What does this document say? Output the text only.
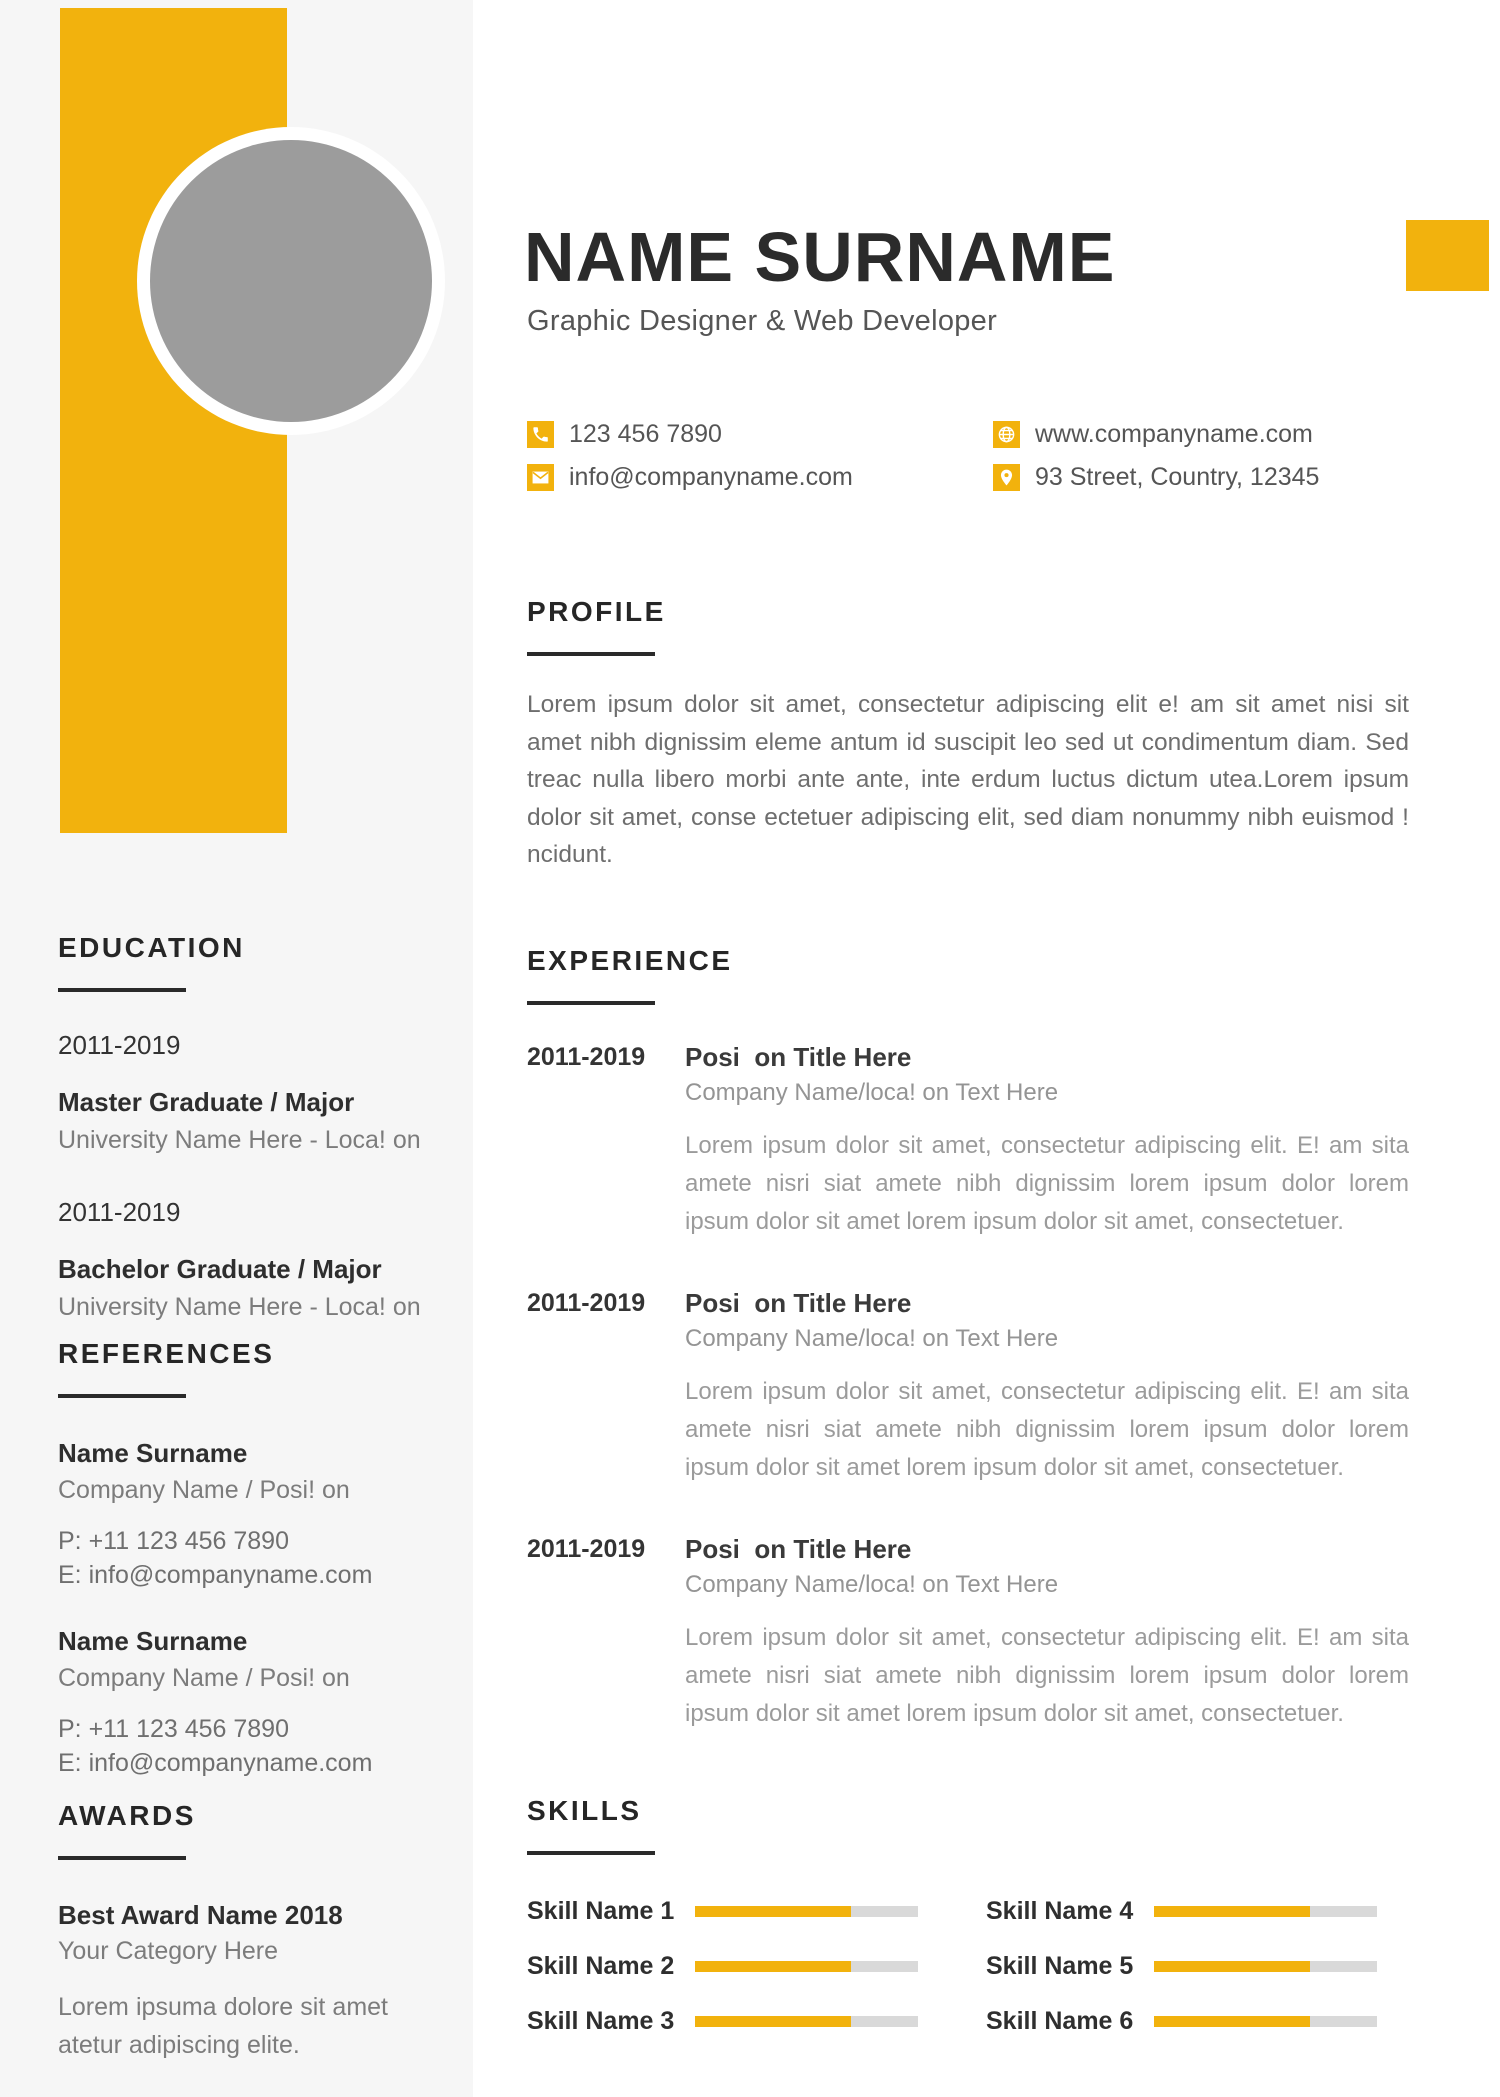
EDUCATION
2011-2019
Master Graduate / Major
University Name Here - Loca! on
2011-2019
Bachelor Graduate / Major
University Name Here - Loca! on
REFERENCES
Name Surname
Company Name / Posi! on
P: +11 123 456 7890
E: info@companyname.com
Name Surname
Company Name / Posi! on
P: +11 123 456 7890
E: info@companyname.com
AWARDS
Best Award Name 2018
Your Category Here
Lorem ipsuma dolore sit amet atetur adipiscing elite.
NAME SURNAME
Graphic Designer & Web Developer
123 456 7890
info@companyname.com
www.companyname.com
93 Street, Country, 12345
PROFILE

Lorem ipsum dolor sit amet, consectetur adipiscing elit e! am sit amet nisi sit amet nibh dignissim eleme antum id suscipit leo sed ut condimentum diam. Sed treac nulla libero morbi ante ante, inte erdum luctus dictum utea.Lorem ipsum dolor sit amet, conse ectetuer adipiscing elit, sed diam nonummy nibh euismod ! ncidunt.

EXPERIENCE
2011-2019	Posi  on Title Here
Company Name/loca! on Text Here

Lorem ipsum dolor sit amet, consectetur adipiscing elit. E! am sita amete nisri siat amete nibh dignissim lorem ipsum dolor lorem ipsum dolor sit amet lorem ipsum dolor sit amet, consectetuer.

2011-2019	Posi  on Title Here
Company Name/loca! on Text Here

Lorem ipsum dolor sit amet, consectetur adipiscing elit. E! am sita amete nisri siat amete nibh dignissim lorem ipsum dolor lorem ipsum dolor sit amet lorem ipsum dolor sit amet, consectetuer.

2011-2019	Posi  on Title Here
Company Name/loca! on Text Here

Lorem ipsum dolor sit amet, consectetur adipiscing elit. E! am sita amete nisri siat amete nibh dignissim lorem ipsum dolor lorem ipsum dolor sit amet lorem ipsum dolor sit amet, consectetuer.

SKILLS
Skill Name 1
Skill Name 2
Skill Name 3
Skill Name 4
Skill Name 5
Skill Name 6
